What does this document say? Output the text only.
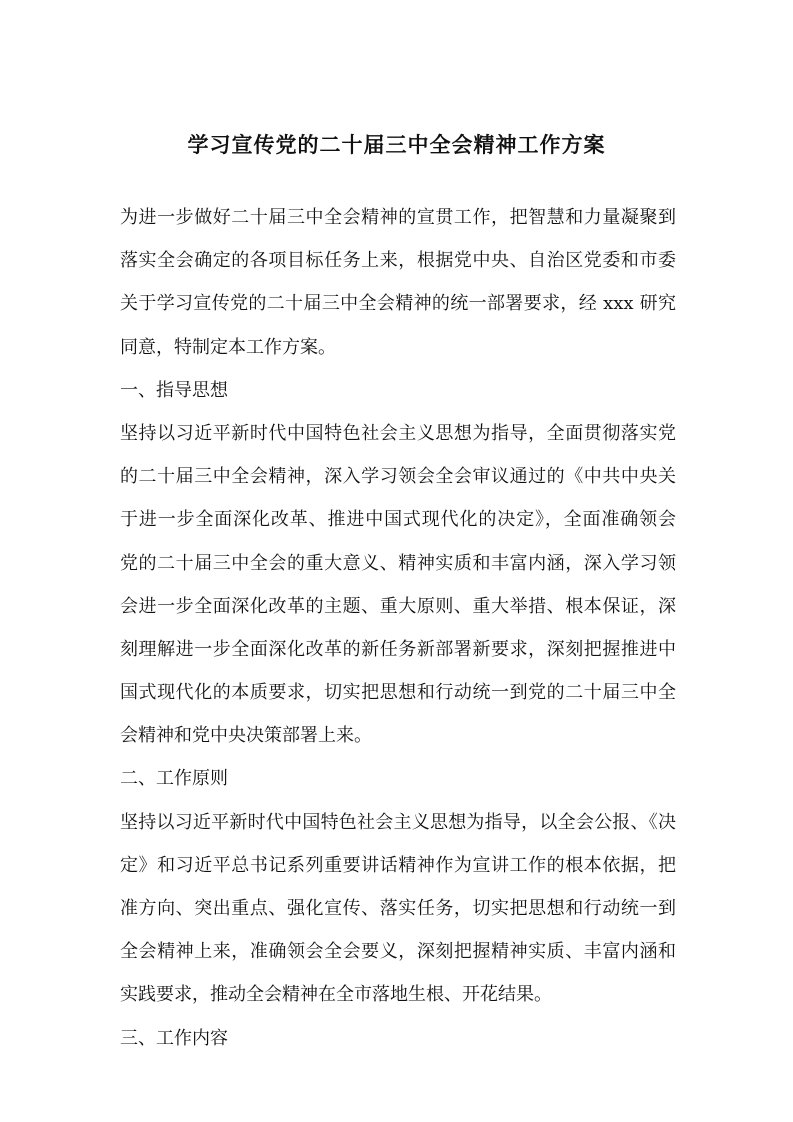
学习宣传党的二十届三中全会精神工作方案

为进一步做好二十届三中全会精神的宣贯工作，把智慧和力量凝聚到

落实全会确定的各项目标任务上来，根据党中央、自治区党委和市委

关于学习宣传党的二十届三中全会精神的统一部署要求，经 xxx 研究

同意，特制定本工作方案。

一、指导思想

坚持以习近平新时代中国特色社会主义思想为指导，全面贯彻落实党

的二十届三中全会精神，深入学习领会全会审议通过的《中共中央关

于进一步全面深化改革、推进中国式现代化的决定》，全面准确领会

党的二十届三中全会的重大意义、精神实质和丰富内涵，深入学习领

会进一步全面深化改革的主题、重大原则、重大举措、根本保证，深

刻理解进一步全面深化改革的新任务新部署新要求，深刻把握推进中

国式现代化的本质要求，切实把思想和行动统一到党的二十届三中全

会精神和党中央决策部署上来。

二、工作原则

坚持以习近平新时代中国特色社会主义思想为指导，以全会公报、《决

定》和习近平总书记系列重要讲话精神作为宣讲工作的根本依据，把

准方向、突出重点、强化宣传、落实任务，切实把思想和行动统一到

全会精神上来，准确领会全会要义，深刻把握精神实质、丰富内涵和

实践要求，推动全会精神在全市落地生根、开花结果。

三、工作内容
